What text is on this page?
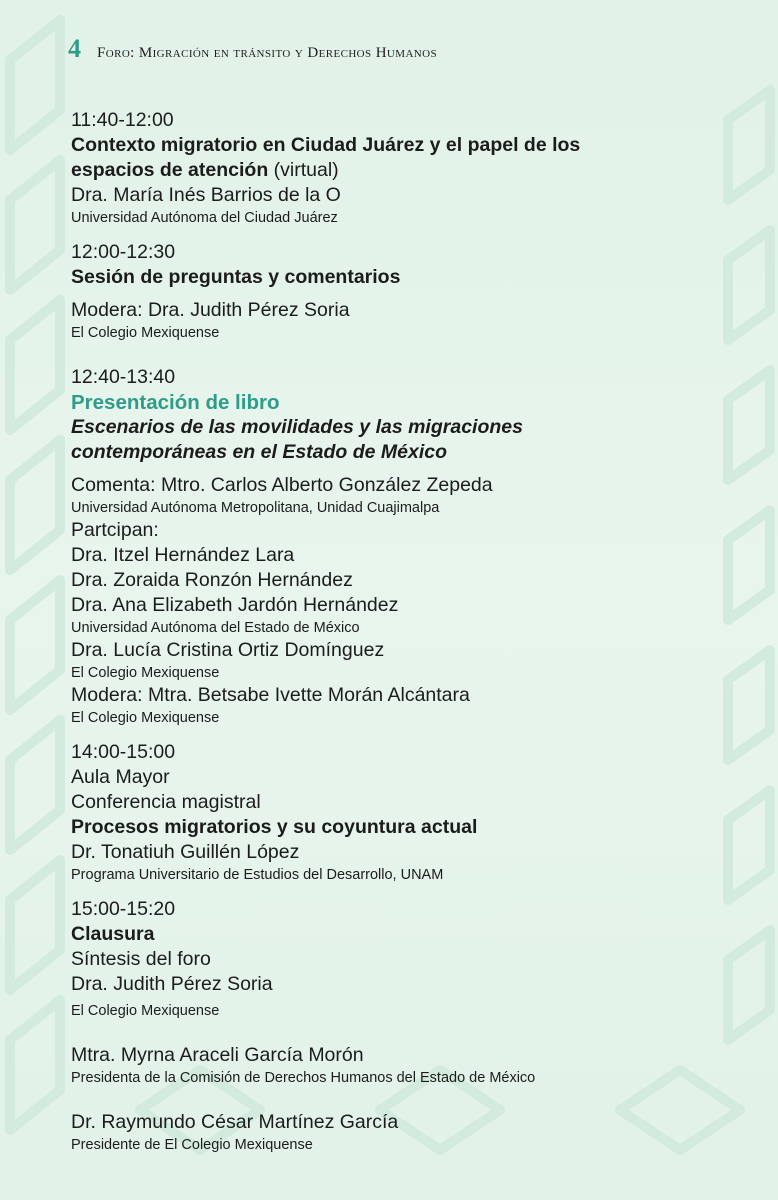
4 Foro: Migración en tránsito y Derechos Humanos

11:40-12:00

Contexto migratorio en Ciudad Juárez y el papel de los

espacios de atención (virtual)

Dra. María Inés Barrios de la O

Universidad Autónoma del Ciudad Juárez

12:00-12:30

Sesión de preguntas y comentarios

Modera: Dra. Judith Pérez Soria

El Colegio Mexiquense

12:40-13:40

Presentación de libro

Escenarios de las movilidades y las migraciones

contemporáneas en el Estado de México

Comenta: Mtro. Carlos Alberto González Zepeda

Universidad Autónoma Metropolitana, Unidad Cuajimalpa

Partcipan:

Dra. Itzel Hernández Lara

Dra. Zoraida Ronzón Hernández

Dra. Ana Elizabeth Jardón Hernández

Universidad Autónoma del Estado de México

Dra. Lucía Cristina Ortiz Domínguez

El Colegio Mexiquense

Modera: Mtra. Betsabe Ivette Morán Alcántara

El Colegio Mexiquense

14:00-15:00

Aula Mayor

Conferencia magistral

Procesos migratorios y su coyuntura actual

Dr. Tonatiuh Guillén López

Programa Universitario de Estudios del Desarrollo, UNAM

15:00-15:20

Clausura

Síntesis del foro

Dra. Judith Pérez Soria

El Colegio Mexiquense

Mtra. Myrna Araceli García Morón

Presidenta de la Comisión de Derechos Humanos del Estado de México

Dr. Raymundo César Martínez García

Presidente de El Colegio Mexiquense
